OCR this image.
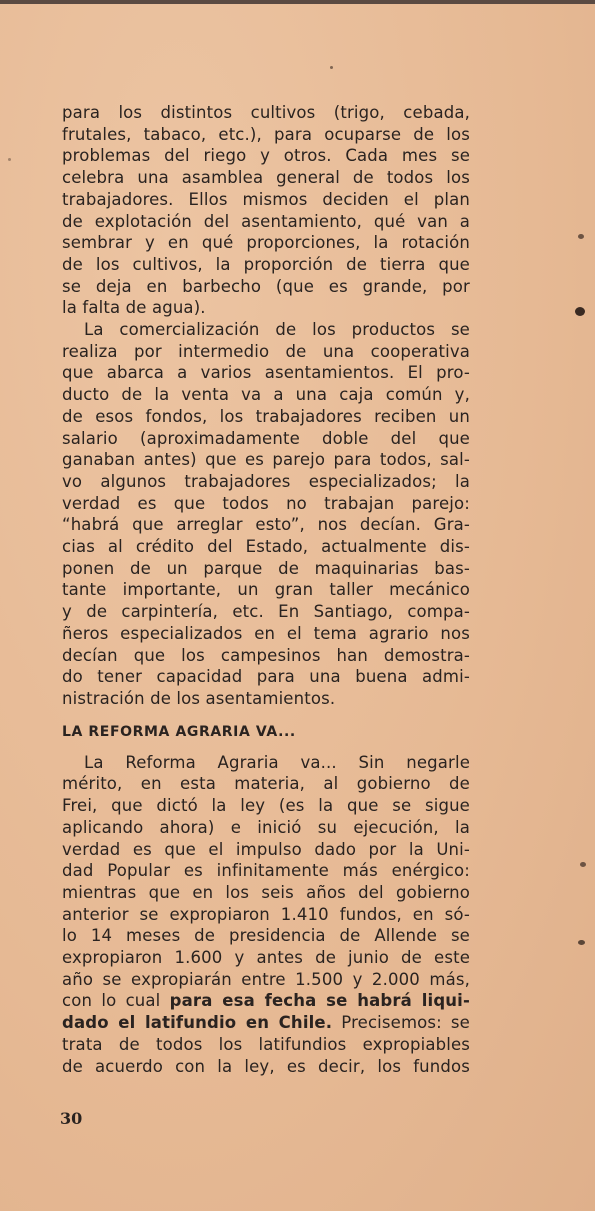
para los distintos cultivos (trigo, cebada,
frutales, tabaco, etc.), para ocuparse de los
problemas del riego y otros. Cada mes se
celebra una asamblea general de todos los
trabajadores. Ellos mismos deciden el plan
de explotación del asentamiento, qué van a
sembrar y en qué proporciones, la rotación
de los cultivos, la proporción de tierra que
se deja en barbecho (que es grande, por
la falta de agua).

La comercialización de los productos se
realiza por intermedio de una cooperativa
que abarca a varios asentamientos. El pro-
ducto de la venta va a una caja común y,
de esos fondos, los trabajadores reciben un
salario (aproximadamente doble del que
ganaban antes) que es parejo para todos, sal-
vo algunos trabajadores especializados; la
verdad es que todos no trabajan parejo:
“habrá que arreglar esto”, nos decían. Gra-
cias al crédito del Estado, actualmente dis-
ponen de un parque de maquinarias bas-
tante importante, un gran taller mecánico
y de carpintería, etc. En Santiago, compa-
ñeros especializados en el tema agrario nos
decían que los campesinos han demostra-
do tener capacidad para una buena admi-
nistración de los asentamientos.

LA REFORMA AGRARIA VA...

La Reforma Agraria va... Sin negarle
mérito, en esta materia, al gobierno de
Frei, que dictó la ley (es la que se sigue
aplicando ahora) e inició su ejecución, la
verdad es que el impulso dado por la Uni-
dad Popular es infinitamente más enérgico:
mientras que en los seis años del gobierno
anterior se expropiaron 1.410 fundos, en só-
lo 14 meses de presidencia de Allende se
expropiaron 1.600 y antes de junio de este
año se expropiarán entre 1.500 y 2.000 más,
con lo cual para esa fecha se habrá liqui-
dado el latifundio en Chile. Precisemos: se
trata de todos los latifundios expropiables
de acuerdo con la ley, es decir, los fundos

30
